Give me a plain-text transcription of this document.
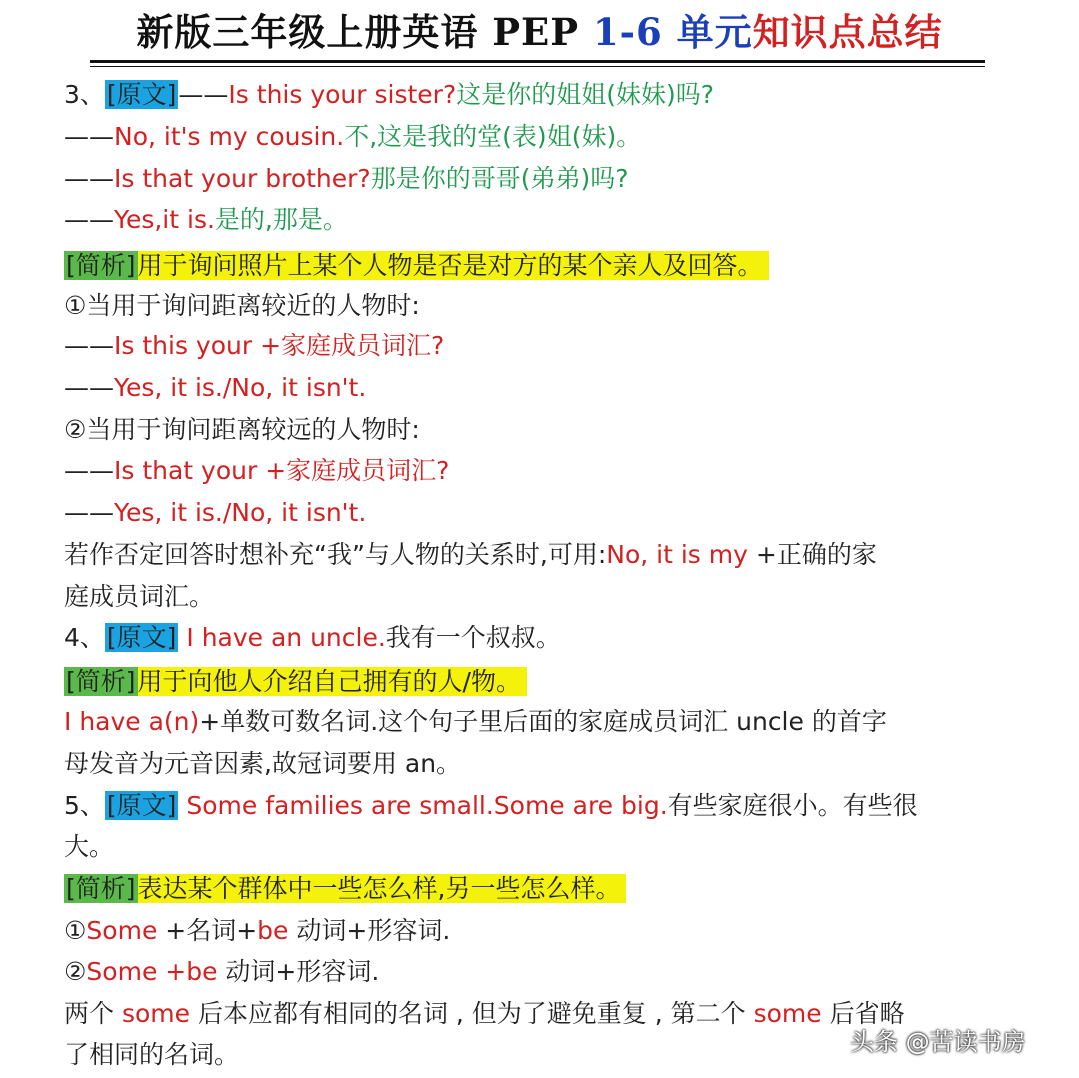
新版三年级上册英语 PEP 1-6 单元知识点总结
3、[原文]——Is this your sister?这是你的姐姐(妹妹)吗?
——No, it's my cousin.不,这是我的堂(表)姐(妹)。
——Is that your brother?那是你的哥哥(弟弟)吗?
——Yes,it is.是的,那是。
[简析]用于询问照片上某个人物是否是对方的某个亲人及回答。
①当用于询问距离较近的人物时:
——Is this your +家庭成员词汇?
——Yes, it is./No, it isn't.
②当用于询问距离较远的人物时:
——Is that your +家庭成员词汇?
——Yes, it is./No, it isn't.
若作否定回答时想补充“我”与人物的关系时,可用:No, it is my +正确的家
庭成员词汇。
4、[原文] I have an uncle.我有一个叔叔。
[简析]用于向他人介绍自己拥有的人/物。
I have a(n)+单数可数名词.这个句子里后面的家庭成员词汇 uncle 的首字
母发音为元音因素,故冠词要用 an。
5、[原文] Some families are small.Some are big.有些家庭很小。有些很
大。
[简析]表达某个群体中一些怎么样,另一些怎么样。
①Some +名词+be 动词+形容词.
②Some +be 动词+形容词.
两个 some 后本应都有相同的名词 , 但为了避免重复 , 第二个 some 后省略
了相同的名词。	头条 @苦读书房
